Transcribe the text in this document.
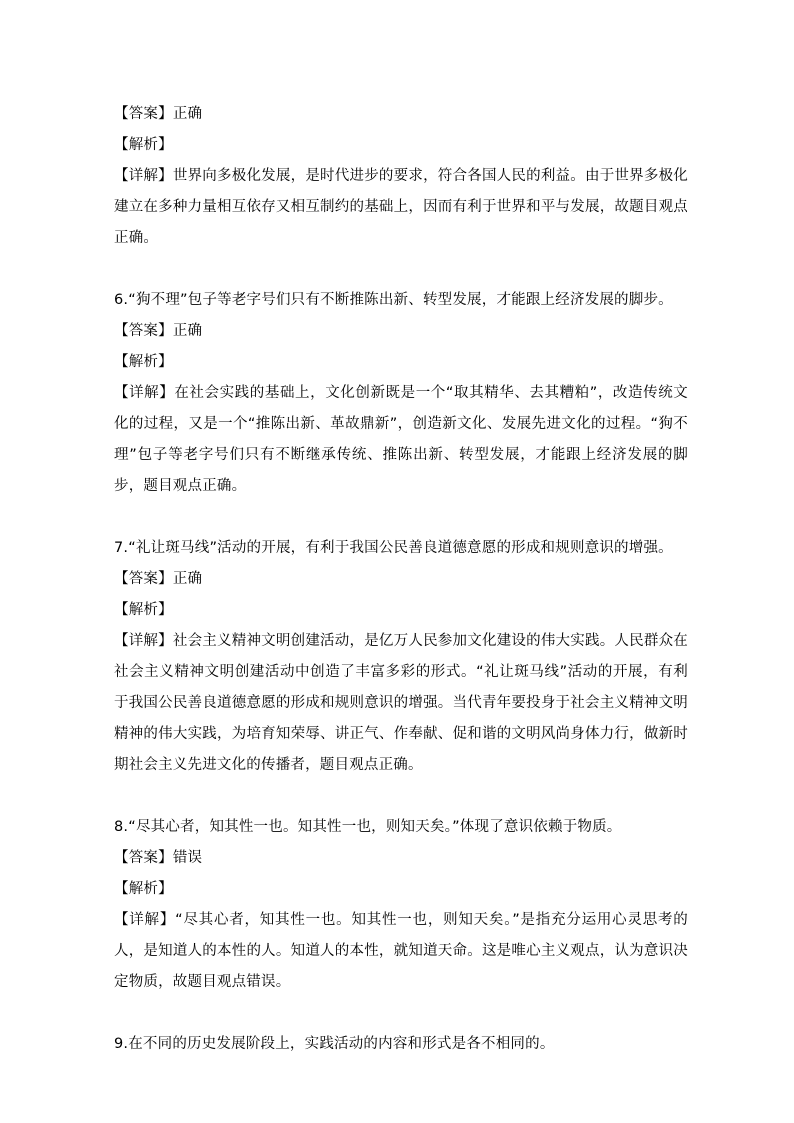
【答案】正确

【解析】

【详解】世界向多极化发展，是时代进步的要求，符合各国人民的利益。由于世界多极化建立在多种力量相互依存又相互制约的基础上，因而有利于世界和平与发展，故题目观点正确。

6.“狗不理”包子等老字号们只有不断推陈出新、转型发展，才能跟上经济发展的脚步。

【答案】正确

【解析】

【详解】在社会实践的基础上，文化创新既是一个“取其精华、去其糟粕”，改造传统文化的过程，又是一个“推陈出新、革故鼎新”，创造新文化、发展先进文化的过程。“狗不理”包子等老字号们只有不断继承传统、推陈出新、转型发展，才能跟上经济发展的脚步，题目观点正确。

7.“礼让斑马线”活动的开展，有利于我国公民善良道德意愿的形成和规则意识的增强。

【答案】正确

【解析】

【详解】社会主义精神文明创建活动，是亿万人民参加文化建设的伟大实践。人民群众在社会主义精神文明创建活动中创造了丰富多彩的形式。“礼让斑马线”活动的开展，有利于我国公民善良道德意愿的形成和规则意识的增强。当代青年要投身于社会主义精神文明精神的伟大实践，为培育知荣辱、讲正气、作奉献、促和谐的文明风尚身体力行，做新时期社会主义先进文化的传播者，题目观点正确。

8.“尽其心者，知其性一也。知其性一也，则知天矣。”体现了意识依赖于物质。

【答案】错误

【解析】

【详解】“尽其心者，知其性一也。知其性一也，则知天矣。”是指充分运用心灵思考的人，是知道人的本性的人。知道人的本性，就知道天命。这是唯心主义观点，认为意识决定物质，故题目观点错误。

9.在不同的历史发展阶段上，实践活动的内容和形式是各不相同的。
